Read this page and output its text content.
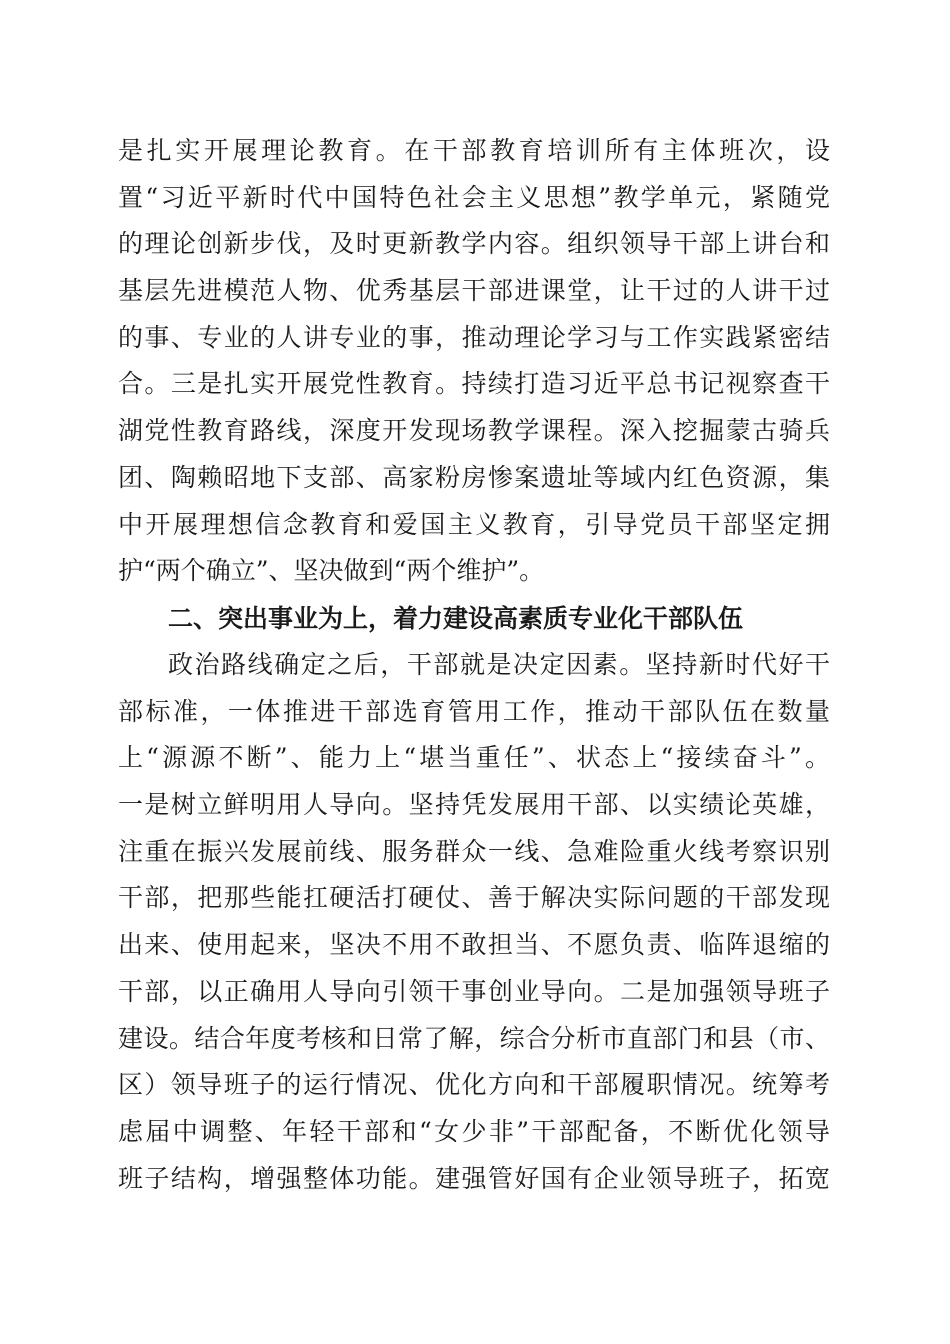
是扎实开展理论教育。在干部教育培训所有主体班次，设
置“习近平新时代中国特色社会主义思想”教学单元，紧随党
的理论创新步伐，及时更新教学内容。组织领导干部上讲台和
基层先进模范人物、优秀基层干部进课堂，让干过的人讲干过
的事、专业的人讲专业的事，推动理论学习与工作实践紧密结
合。三是扎实开展党性教育。持续打造习近平总书记视察查干
湖党性教育路线，深度开发现场教学课程。深入挖掘蒙古骑兵
团、陶赖昭地下支部、高家粉房惨案遗址等域内红色资源，集
中开展理想信念教育和爱国主义教育，引导党员干部坚定拥
护“两个确立”、坚决做到“两个维护”。
二、突出事业为上，着力建设高素质专业化干部队伍
政治路线确定之后，干部就是决定因素。坚持新时代好干
部标准，一体推进干部选育管用工作，推动干部队伍在数量
上“源源不断”、能力上“堪当重任”、状态上“接续奋斗”。
一是树立鲜明用人导向。坚持凭发展用干部、以实绩论英雄，
注重在振兴发展前线、服务群众一线、急难险重火线考察识别
干部，把那些能扛硬活打硬仗、善于解决实际问题的干部发现
出来、使用起来，坚决不用不敢担当、不愿负责、临阵退缩的
干部，以正确用人导向引领干事创业导向。二是加强领导班子
建设。结合年度考核和日常了解，综合分析市直部门和县（市、
区）领导班子的运行情况、优化方向和干部履职情况。统筹考
虑届中调整、年轻干部和“女少非”干部配备，不断优化领导
班子结构，增强整体功能。建强管好国有企业领导班子，拓宽
